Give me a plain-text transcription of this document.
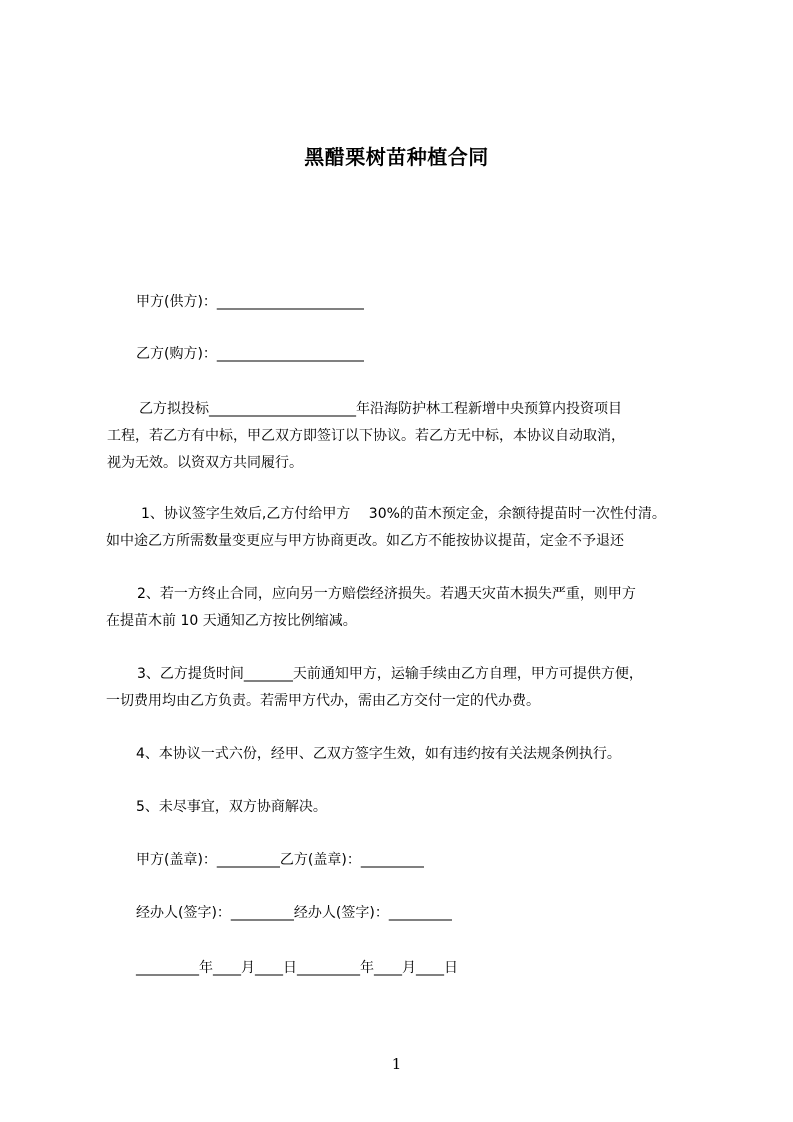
黑醋栗树苗种植合同
甲方(供方)：_____________________
乙方(购方)：_____________________
乙方拟投标_____________________年沿海防护林工程新增中央预算内投资项目
工程，若乙方有中标，甲乙双方即签订以下协议。若乙方无中标，本协议自动取消，
视为无效。以资双方共同履行。
1、协议签字生效后,乙方付给甲方　 30%的苗木预定金，余额待提苗时一次性付清。
如中途乙方所需数量变更应与甲方协商更改。如乙方不能按协议提苗，定金不予退还
2、若一方终止合同，应向另一方赔偿经济损失。若遇天灾苗木损失严重，则甲方
在提苗木前 10 天通知乙方按比例缩减。
3、乙方提货时间_______天前通知甲方，运输手续由乙方自理，甲方可提供方便，
一切费用均由乙方负责。若需甲方代办，需由乙方交付一定的代办费。
4、本协议一式六份，经甲、乙双方签字生效，如有违约按有关法规条例执行。
5、未尽事宜，双方协商解决。
甲方(盖章)：_________乙方(盖章)：_________
经办人(签字)：_________经办人(签字)：_________
_________年____月____日_________年____月____日
1
